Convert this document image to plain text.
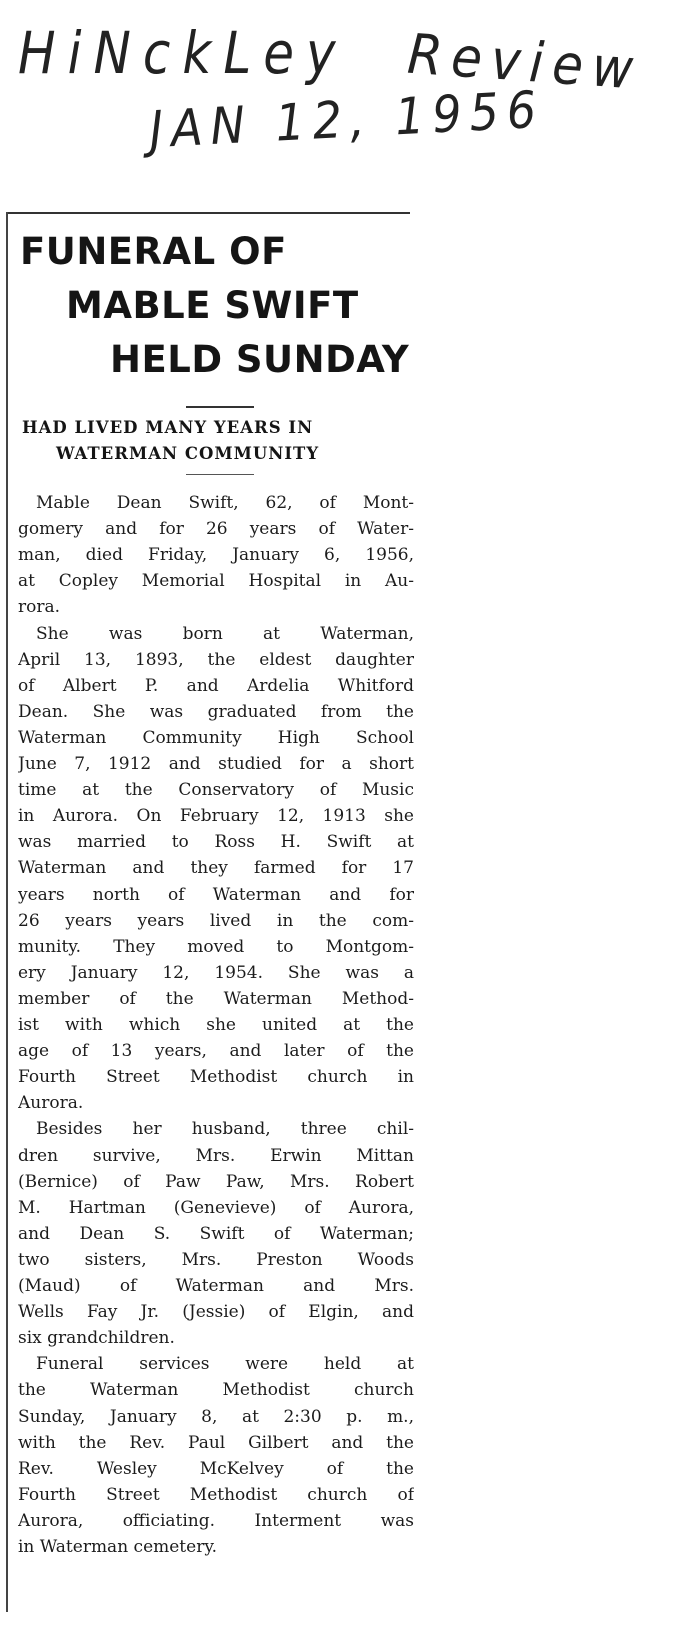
HiNckLey Review
JAN 12, 1956
FUNERAL OF
MABLE SWIFT
HELD SUNDAY
HAD LIVED MANY YEARS IN
WATERMAN COMMUNITY
Mable Dean Swift, 62, of Mont-
gomery and for 26 years of Water-
man, died Friday, January 6, 1956,
at Copley Memorial Hospital in Au-
rora.
She was born at Waterman,
April 13, 1893, the eldest daughter
of Albert P. and Ardelia Whitford
Dean. She was graduated from the
Waterman Community High School
June 7, 1912 and studied for a short
time at the Conservatory of Music
in Aurora. On February 12, 1913 she
was married to Ross H. Swift at
Waterman and they farmed for 17
years north of Waterman and for
26 years years lived in the com-
munity. They moved to Montgom-
ery January 12, 1954. She was a
member of the Waterman Method-
ist with which she united at the
age of 13 years, and later of the
Fourth Street Methodist church in
Aurora.
Besides her husband, three chil-
dren survive, Mrs. Erwin Mittan
(Bernice) of Paw Paw, Mrs. Robert
M. Hartman (Genevieve) of Aurora,
and Dean S. Swift of Waterman;
two sisters, Mrs. Preston Woods
(Maud) of Waterman and Mrs.
Wells Fay Jr. (Jessie) of Elgin, and
six grandchildren.
Funeral services were held at
the Waterman Methodist church
Sunday, January 8, at 2:30 p. m.,
with the Rev. Paul Gilbert and the
Rev. Wesley McKelvey of the
Fourth Street Methodist church of
Aurora, officiating. Interment was
in Waterman cemetery.
